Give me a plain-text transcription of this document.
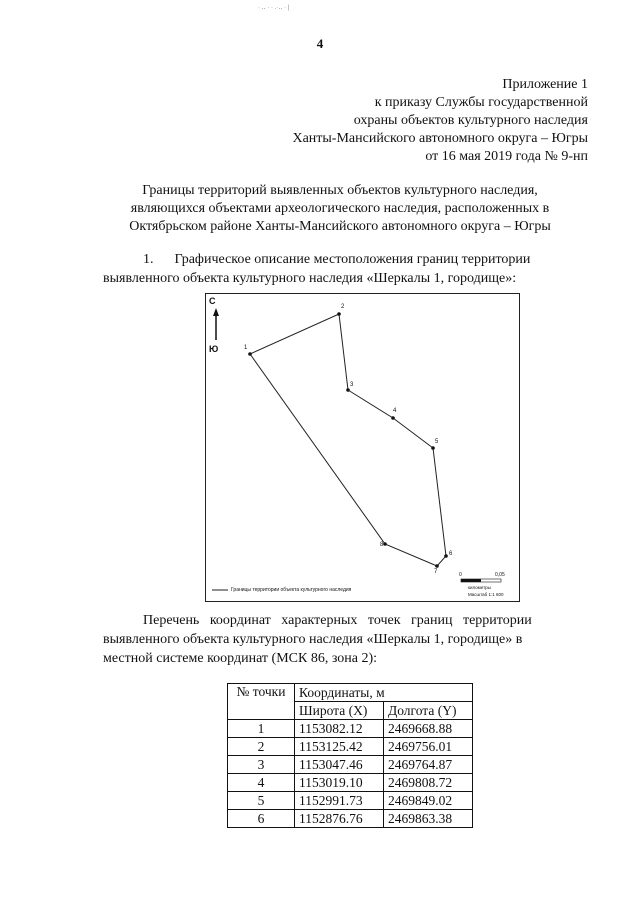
· ‥ · · .·‥ · |
4
Приложение 1
к приказу Службы государственной
охраны объектов культурного наследия
Ханты-Мансийского автономного округа – Югры
от 16 мая 2019 года № 9-нп
Границы территорий выявленных объектов культурного наследия,
являющихся объектами археологического наследия, расположенных в
Октябрьском районе Ханты-Мансийского автономного округа – Югры
1.      Графическое описание местоположения границ территории
выявленного объекта культурного наследия «Шеркалы 1, городище»:
С
Ю	1
2
3
4
5
6
7
8
Границы территории объекта культурного наследия
0	0,05
километры
Масштаб 1:1 600
Перечень   координат   характерных   точек   границ   территории
выявленного объекта культурного наследия «Шеркалы 1, городище» в
местной системе координат (МСК 86, зона 2):
№ точки	Координаты, м	
	Широта (X)	Долгота (Y)
1	1153082.12	2469668.88
2	1153125.42	2469756.01
3	1153047.46	2469764.87
4	1153019.10	2469808.72
5	1152991.73	2469849.02
6	1152876.76	2469863.38
